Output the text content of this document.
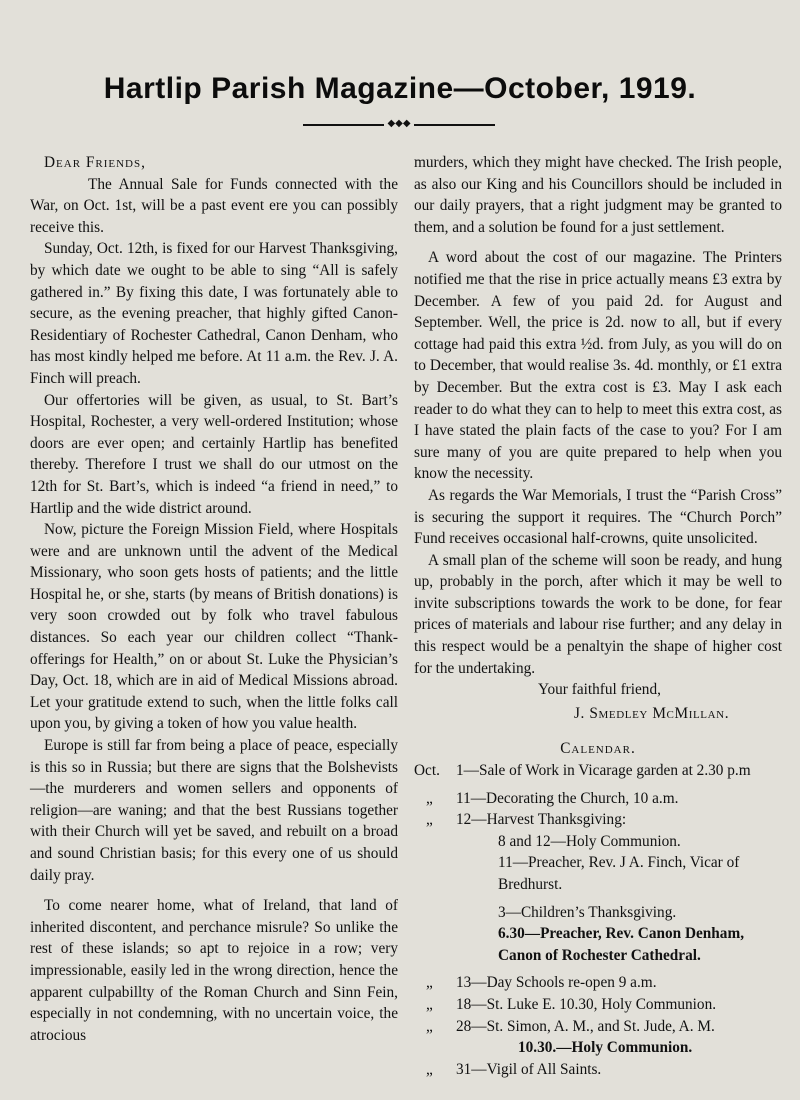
Hartlip Parish Magazine—October, 1919.
◆◆◆

Dear Friends,

The Annual Sale for Funds connected with the War, on Oct. 1st, will be a past event ere you can possibly receive this.

Sunday, Oct. 12th, is fixed for our Harvest Thanksgiving, by which date we ought to be able to sing “All is safely gathered in.” By fixing this date, I was fortunately able to secure, as the evening preacher, that highly gifted Canon-Residentiary of Rochester Cathedral, Canon Denham, who has most kindly helped me before. At 11 a.m. the Rev. J. A. Finch will preach.

Our offertories will be given, as usual, to St. Bart’s Hospital, Rochester, a very well-ordered Institution; whose doors are ever open; and certainly Hartlip has benefited thereby. Therefore I trust we shall do our utmost on the 12th for St. Bart’s, which is indeed “a friend in need,” to Hartlip and the wide district around.

Now, picture the Foreign Mission Field, where Hospitals were and are unknown until the advent of the Medical Missionary, who soon gets hosts of patients; and the little Hospital he, or she, starts (by means of British donations) is very soon crowded out by folk who travel fabulous distances. So each year our children collect “Thank-offerings for Health,” on or about St. Luke the Physician’s Day, Oct. 18, which are in aid of Medical Missions abroad. Let your gratitude extend to such, when the little folks call upon you, by giving a token of how you value health.

Europe is still far from being a place of peace, especially is this so in Russia; but there are signs that the Bolshevists—the murderers and women sellers and opponents of religion—are waning; and that the best Russians together with their Church will yet be saved, and rebuilt on a broad and sound Christian basis; for this every one of us should daily pray.

To come nearer home, what of Ireland, that land of inherited discontent, and perchance misrule? So unlike the rest of these islands; so apt to rejoice in a row; very impressionable, easily led in the wrong direction, hence the apparent culpabillty of the Roman Church and Sinn Fein, especially in not condemning, with no uncertain voice, the atrocious

murders, which they might have checked. The Irish people, as also our King and his Councillors should be included in our daily prayers, that a right judgment may be granted to them, and a solution be found for a just settlement.

A word about the cost of our magazine. The Printers notified me that the rise in price actually means £3 extra by December. A few of you paid 2d. for August and September. Well, the price is 2d. now to all, but if every cottage had paid this extra ½d. from July, as you will do on to December, that would realise 3s. 4d. monthly, or £1 extra by December. But the extra cost is £3. May I ask each reader to do what they can to help to meet this extra cost, as I have stated the plain facts of the case to you? For I am sure many of you are quite prepared to help when you know the necessity.

As regards the War Memorials, I trust the “Parish Cross” is securing the support it requires. The “Church Porch” Fund receives occasional half-crowns, quite unsolicited.

A small plan of the scheme will soon be ready, and hung up, probably in the porch, after which it may be well to invite subscriptions towards the work to be done, for fear prices of materials and labour rise further; and any delay in this respect would be a penaltyin the shape of higher cost for the undertaking.

Your faithful friend,

J. Smedley McMillan.

Calendar.

Oct.	1—Sale of Work in Vicarage garden at 2.30 p.m
„	11—Decorating the Church, 10 a.m.
„	12—Harvest Thanksgiving:

8 and 12—Holy Communion.

11—Preacher, Rev. J A. Finch, Vicar of Bredhurst.

3—Children’s Thanksgiving.

6.30—Preacher, Rev. Canon Denham, Canon of Rochester Cathedral.

„	13—Day Schools re-open 9 a.m.
„	18—St. Luke E. 10.30, Holy Communion.
„	28—St. Simon, A. M., and St. Jude, A. M.

10.30.—Holy Communion.

„	31—Vigil of All Saints.
